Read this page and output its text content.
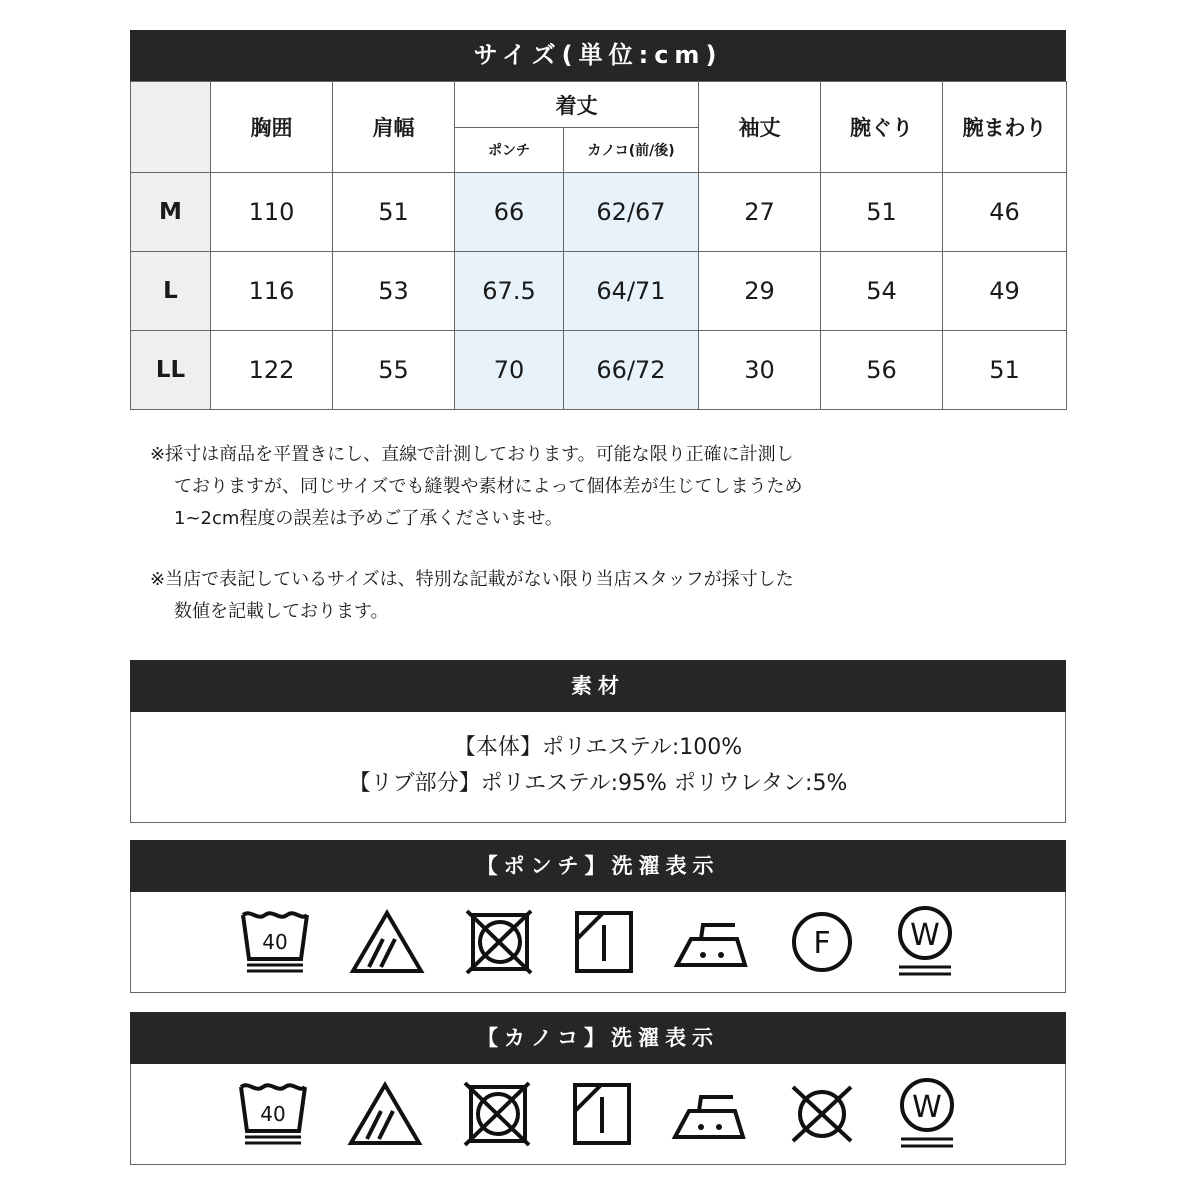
サイズ(単位:cm)
	胸囲	肩幅	着丈		袖丈	腕ぐり	腕まわり
			ポンチ	カノコ(前/後)			
M	110	51	66	62/67	27	51	46
L	116	53	67.5	64/71	29	54	49
LL	122	55	70	66/72	30	56	51
※採寸は商品を平置きにし、直線で計測しております。可能な限り正確に計測し
ておりますが、同じサイズでも縫製や素材によって個体差が生じてしまうため
1~2cm程度の誤差は予めご了承くださいませ。
※当店で表記しているサイズは、特別な記載がない限り当店スタッフが採寸した
数値を記載しております。
素材
【本体】ポリエステル:100%
【リブ部分】ポリエステル:95% ポリウレタン:5%
【ポンチ】洗濯表示
40	F	W
【カノコ】洗濯表示
40	W
